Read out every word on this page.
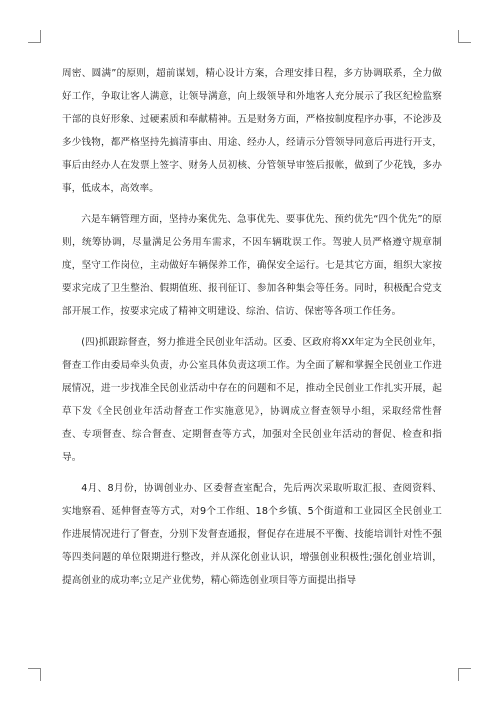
周密、圆满”的原则，超前谋划，精心设计方案，合理安排日程，多方协调联系，全力做好工作，争取让客人满意，让领导满意，向上级领导和外地客人充分展示了我区纪检监察干部的良好形象、过硬素质和奉献精神。五是财务方面，严格按制度程序办事，不论涉及多少钱物，都严格坚持先搞清事由、用途、经办人，经请示分管领导同意后再进行开支，事后由经办人在发票上签字、财务人员初核、分管领导审签后报帐，做到了少花钱，多办事，低成本，高效率。

六是车辆管理方面，坚持办案优先、急事优先、要事优先、预约优先“四个优先”的原则，统筹协调，尽量满足公务用车需求，不因车辆耽误工作。驾驶人员严格遵守规章制度，坚守工作岗位，主动做好车辆保养工作，确保安全运行。七是其它方面，组织大家按要求完成了卫生整治、假期值班、报刊征订、参加各种集会等任务。同时，积极配合党支部开展工作，按要求完成了精神文明建设、综治、信访、保密等各项工作任务。

(四)抓跟踪督查，努力推进全民创业年活动。区委、区政府将XX年定为全民创业年，督查工作由委局牵头负责，办公室具体负责这项工作。为全面了解和掌握全民创业工作进展情况，进一步找准全民创业活动中存在的问题和不足，推动全民创业工作扎实开展，起草下发《全民创业年活动督查工作实施意见》，协调成立督查领导小组，采取经常性督查、专项督查、综合督查、定期督查等方式，加强对全民创业年活动的督促、检查和指导。

4月、8月份，协调创业办、区委督查室配合，先后两次采取听取汇报、查阅资料、实地察看、延伸督查等方式，对9个工作组、18个乡镇、5个街道和工业园区全民创业工作进展情况进行了督查，分别下发督查通报，督促存在进展不平衡、技能培训针对性不强等四类问题的单位限期进行整改，并从深化创业认识，增强创业积极性;强化创业培训，提高创业的成功率;立足产业优势，精心筛选创业项目等方面提出指导
